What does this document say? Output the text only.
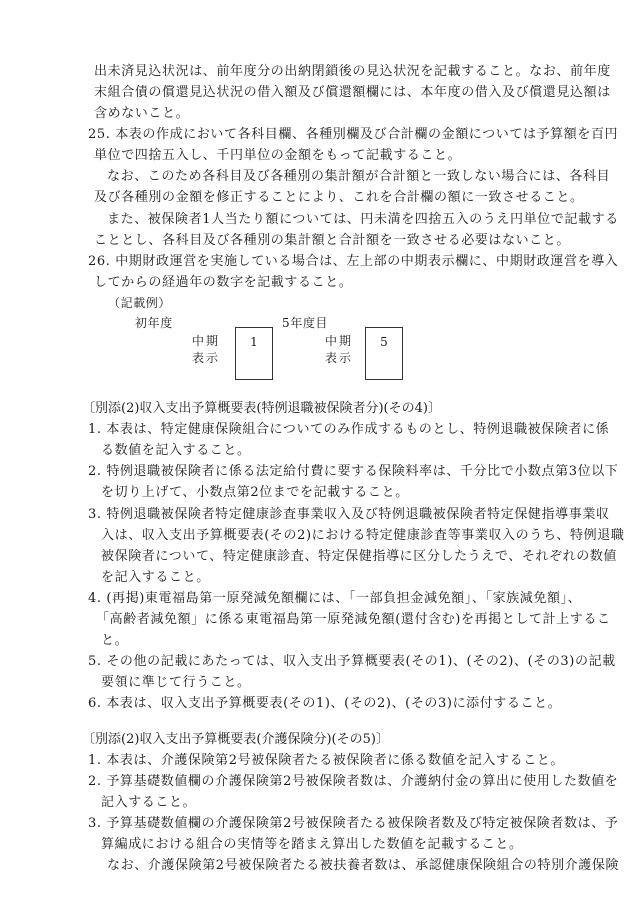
出未済見込状況は、前年度分の出納閉鎖後の見込状況を記載すること。なお、前年度
末組合債の償還見込状況の借入額及び償還額欄には、本年度の借入及び償還見込額は
含めないこと。
25. 本表の作成において各科目欄、各種別欄及び合計欄の金額については予算額を百円
単位で四捨五入し、千円単位の金額をもって記載すること。
なお、このため各科目及び各種別の集計額が合計額と一致しない場合には、各科目
及び各種別の金額を修正することにより、これを合計欄の額に一致させること。
また、被保険者1人当たり額については、円未満を四捨五入のうえ円単位で記載する
こととし、各科目及び各種別の集計額と合計額を一致させる必要はないこと。
26. 中期財政運営を実施している場合は、左上部の中期表示欄に、中期財政運営を導入
してからの経過年の数字を記載すること。
（記載例）
初年度	5年度目
中期
表示
1	中期
表示
5
〔別添(2)収入支出予算概要表(特例退職被保険者分)(その4)〕
1. 本表は、特定健康保険組合についてのみ作成するものとし、特例退職被保険者に係
る数値を記入すること。
2. 特例退職被保険者に係る法定給付費に要する保険料率は、千分比で小数点第3位以下
を切り上げて、小数点第2位までを記載すること。
3. 特例退職被保険者特定健康診査事業収入及び特例退職被保険者特定保健指導事業収
入は、収入支出予算概要表(その2)における特定健康診査等事業収入のうち、特例退職
被保険者について、特定健康診査、特定保健指導に区分したうえで、それぞれの数値
を記入すること。
4. (再掲)東電福島第一原発減免額欄には、「一部負担金減免額」、「家族減免額」、
「高齢者減免額」に係る東電福島第一原発減免額(還付含む)を再掲として計上するこ
と。
5. その他の記載にあたっては、収入支出予算概要表(その1)、(その2)、(その3)の記載
要領に準じて行うこと。
6. 本表は、収入支出予算概要表(その1)、(その2)、(その3)に添付すること。
〔別添(2)収入支出予算概要表(介護保険分)(その5)〕
1. 本表は、介護保険第2号被保険者たる被保険者に係る数値を記入すること。
2. 予算基礎数値欄の介護保険第2号被保険者数は、介護納付金の算出に使用した数値を
記入すること。
3. 予算基礎数値欄の介護保険第2号被保険者たる被保険者数及び特定被保険者数は、予
算編成における組合の実情等を踏まえ算出した数値を記載すること。
なお、介護保険第2号被保険者たる被扶養者数は、承認健康保険組合の特別介護保険
